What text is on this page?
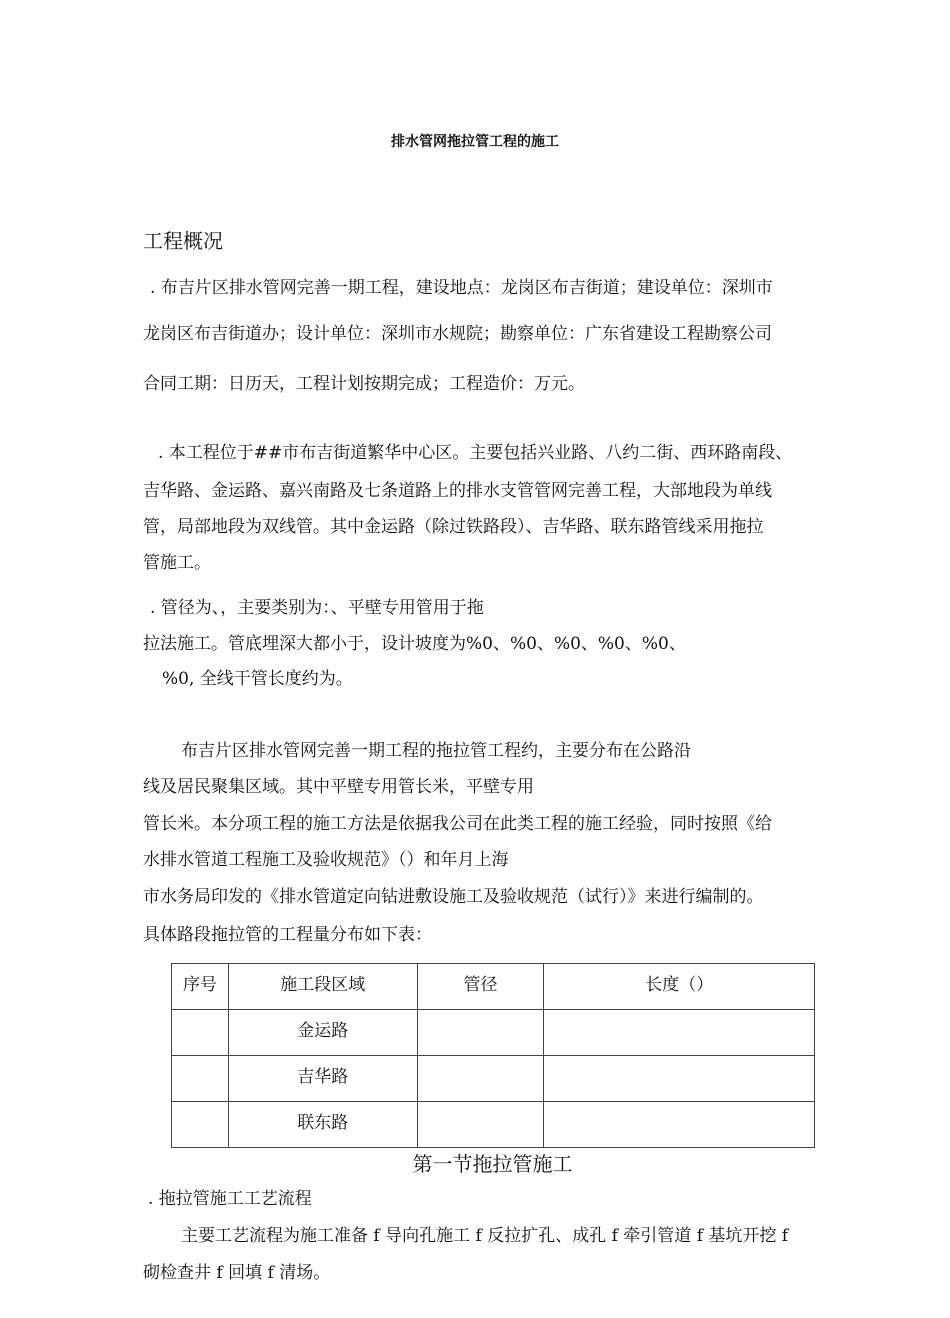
排水管网拖拉管工程的施工
工程概况
. 布吉片区排水管网完善一期工程，建设地点：龙岗区布吉街道；建设单位：深圳市
龙岗区布吉街道办；设计单位：深圳市水规院；勘察单位：广东省建设工程勘察公司
合同工期：日历天，工程计划按期完成；工程造价：万元。
. 本工程位于##市布吉街道繁华中心区。主要包括兴业路、八约二街、西环路南段、
吉华路、金运路、嘉兴南路及七条道路上的排水支管管网完善工程，大部地段为单线
管，局部地段为双线管。其中金运路（除过铁路段）、吉华路、联东路管线采用拖拉
管施工。
. 管径为、，主要类别为：、平壁专用管用于拖
拉法施工。管底埋深大都小于，设计坡度为%0、%0、%0、%0、%0、
%0, 全线干管长度约为。
布吉片区排水管网完善一期工程的拖拉管工程约，主要分布在公路沿
线及居民聚集区域。其中平壁专用管长米，平壁专用
管长米。本分项工程的施工方法是依据我公司在此类工程的施工经验，同时按照《给
水排水管道工程施工及验收规范》（）和年月上海
市水务局印发的《排水管道定向钻进敷设施工及验收规范（试行）》来进行编制的。
具体路段拖拉管的工程量分布如下表：
序号	施工段区域	管径	长度（）
	金运路		
	吉华路		
	联东路		
第一节拖拉管施工
. 拖拉管施工工艺流程
主要工艺流程为施工准备 f 导向孔施工 f 反拉扩孔、成孔 f 牵引管道 f 基坑开挖 f
砌检查井 f 回填 f 清场。
